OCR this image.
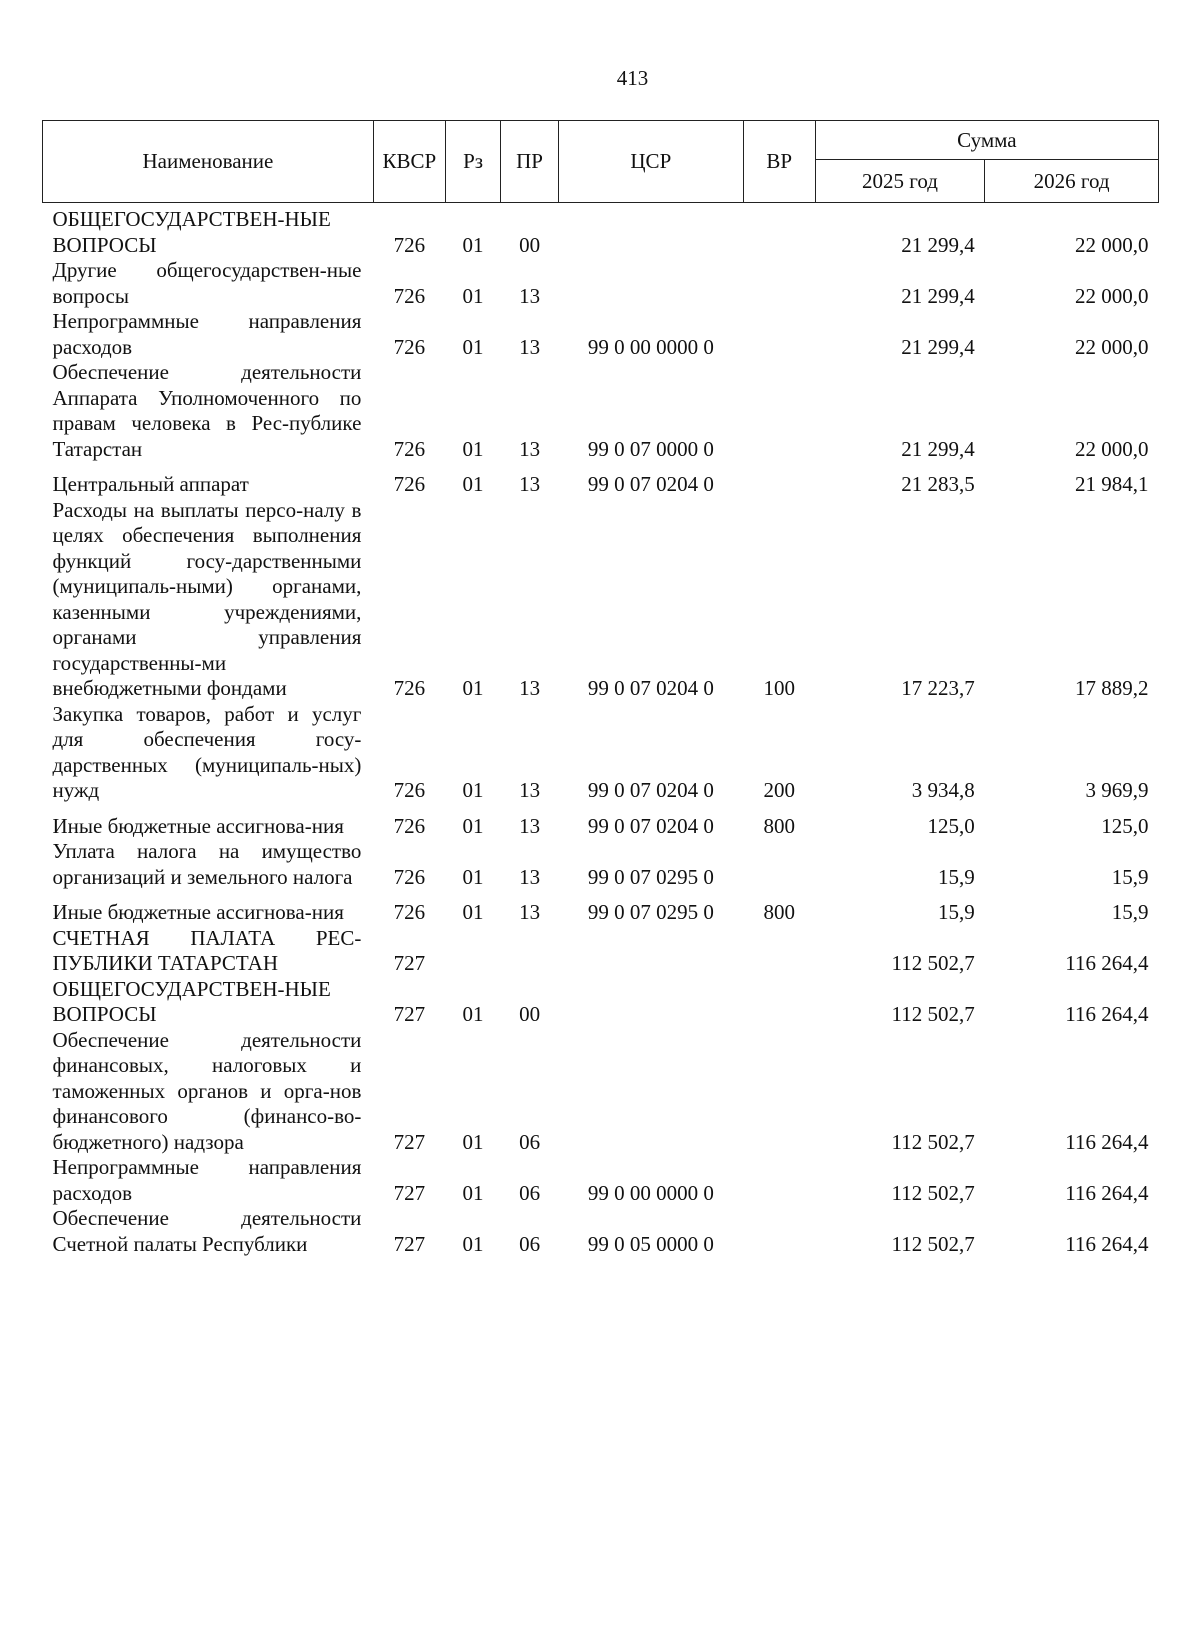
413
Наименование	КВСР	Рз	ПР	ЦСР	ВР	Сумма	
						2025 год	2026 год
ОБЩЕГОСУДАРСТВЕН-НЫЕ ВОПРОСЫ	726	01	00			21 299,4	22 000,0
Другие общегосударствен-ные вопросы	726	01	13			21 299,4	22 000,0
Непрограммные направления расходов	726	01	13	99 0 00 0000 0		21 299,4	22 000,0
Обеспечение деятельности Аппарата Уполномоченного по правам человека в Рес-публике Татарстан	726	01	13	99 0 07 0000 0		21 299,4	22 000,0
Центральный аппарат	726	01	13	99 0 07 0204 0		21 283,5	21 984,1
Расходы на выплаты персо-налу в целях обеспечения выполнения функций госу-дарственными (муниципаль-ными) органами, казенными учреждениями, органами управления государственны-ми внебюджетными фондами	726	01	13	99 0 07 0204 0	100	17 223,7	17 889,2
Закупка товаров, работ и услуг для обеспечения госу-дарственных (муниципаль-ных) нужд	726	01	13	99 0 07 0204 0	200	3 934,8	3 969,9
Иные бюджетные ассигнова-ния	726	01	13	99 0 07 0204 0	800	125,0	125,0
Уплата налога на имущество организаций и земельного налога	726	01	13	99 0 07 0295 0		15,9	15,9
Иные бюджетные ассигнова-ния	726	01	13	99 0 07 0295 0	800	15,9	15,9
СЧЕТНАЯ ПАЛАТА РЕС-ПУБЛИКИ ТАТАРСТАН	727					112 502,7	116 264,4
ОБЩЕГОСУДАРСТВЕН-НЫЕ ВОПРОСЫ	727	01	00			112 502,7	116 264,4
Обеспечение деятельности финансовых, налоговых и таможенных органов и орга-нов финансового (финансо-во-бюджетного) надзора	727	01	06			112 502,7	116 264,4
Непрограммные направления расходов	727	01	06	99 0 00 0000 0		112 502,7	116 264,4
Обеспечение деятельности Счетной палаты Республики	727	01	06	99 0 05 0000 0		112 502,7	116 264,4
